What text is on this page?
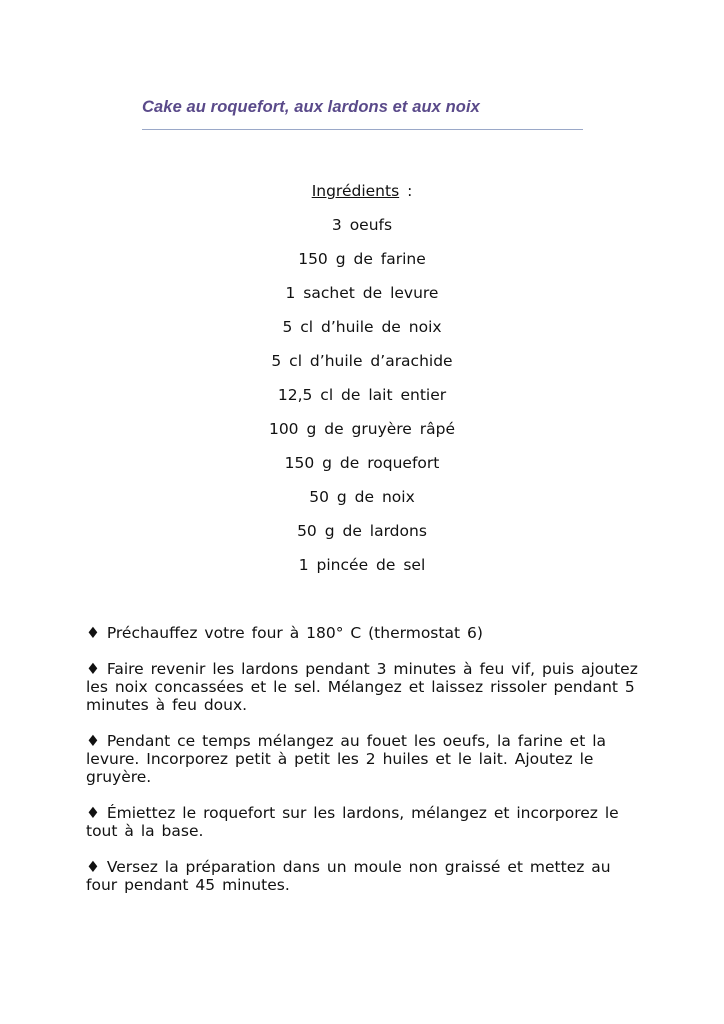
Cake au roquefort, aux lardons et aux noix
Ingrédients :
3 oeufs
150 g de farine
1 sachet de levure
5 cl d’huile de noix
5 cl d’huile d’arachide
12,5 cl de lait entier
100 g de gruyère râpé
150 g de roquefort
50 g de noix
50 g de lardons
1 pincée de sel

♦ Préchauffez votre four à 180° C (thermostat 6)

♦ Faire revenir les lardons pendant 3 minutes à feu vif, puis ajoutez les noix concassées et le sel. Mélangez et laissez rissoler pendant 5 minutes à feu doux.

♦ Pendant ce temps mélangez au fouet les oeufs, la farine et la levure. Incorporez petit à petit les 2 huiles et le lait. Ajoutez le gruyère.

♦ Émiettez le roquefort sur les lardons, mélangez et incorporez le tout à la base.

♦ Versez la préparation dans un moule non graissé et mettez au four pendant 45 minutes.
